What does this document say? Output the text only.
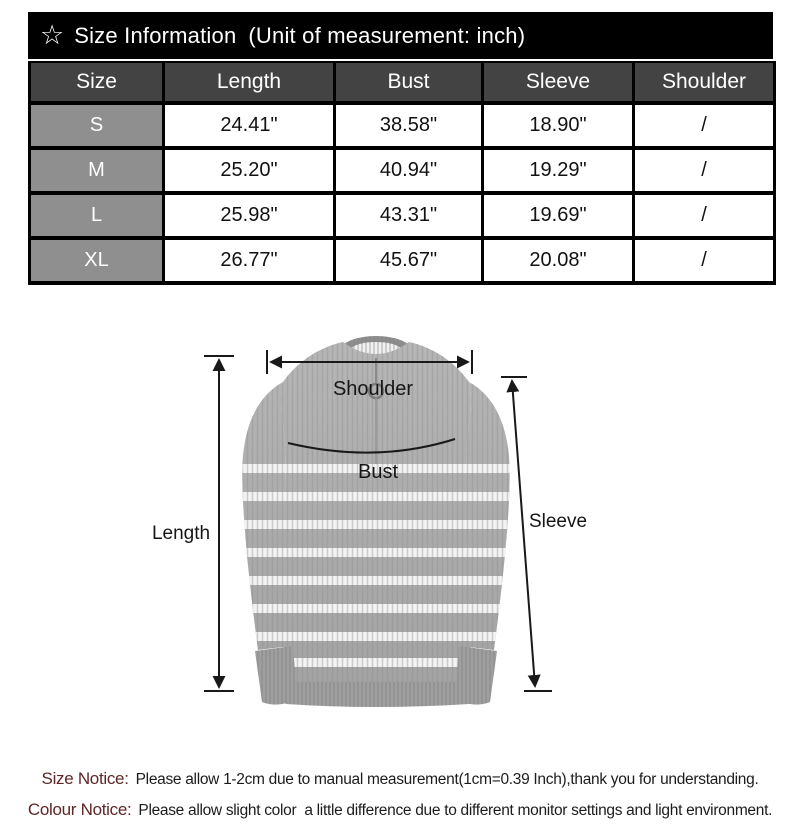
☆ Size Information (Unit of measurement: inch)
Size	Length	Bust	Sleeve	Shoulder
S	24.41"	38.58"	18.90"	/
M	25.20"	40.94"	19.29"	/
L	25.98"	43.31"	19.69"	/
XL	26.77"	45.67"	20.08"	/
Shoulder
Bust
Length
Sleeve
Size Notice: Please allow 1-2cm due to manual measurement(1cm=0.39 Inch),thank you for understanding.
Colour Notice: Please allow slight color  a little difference due to different monitor settings and light environment.
